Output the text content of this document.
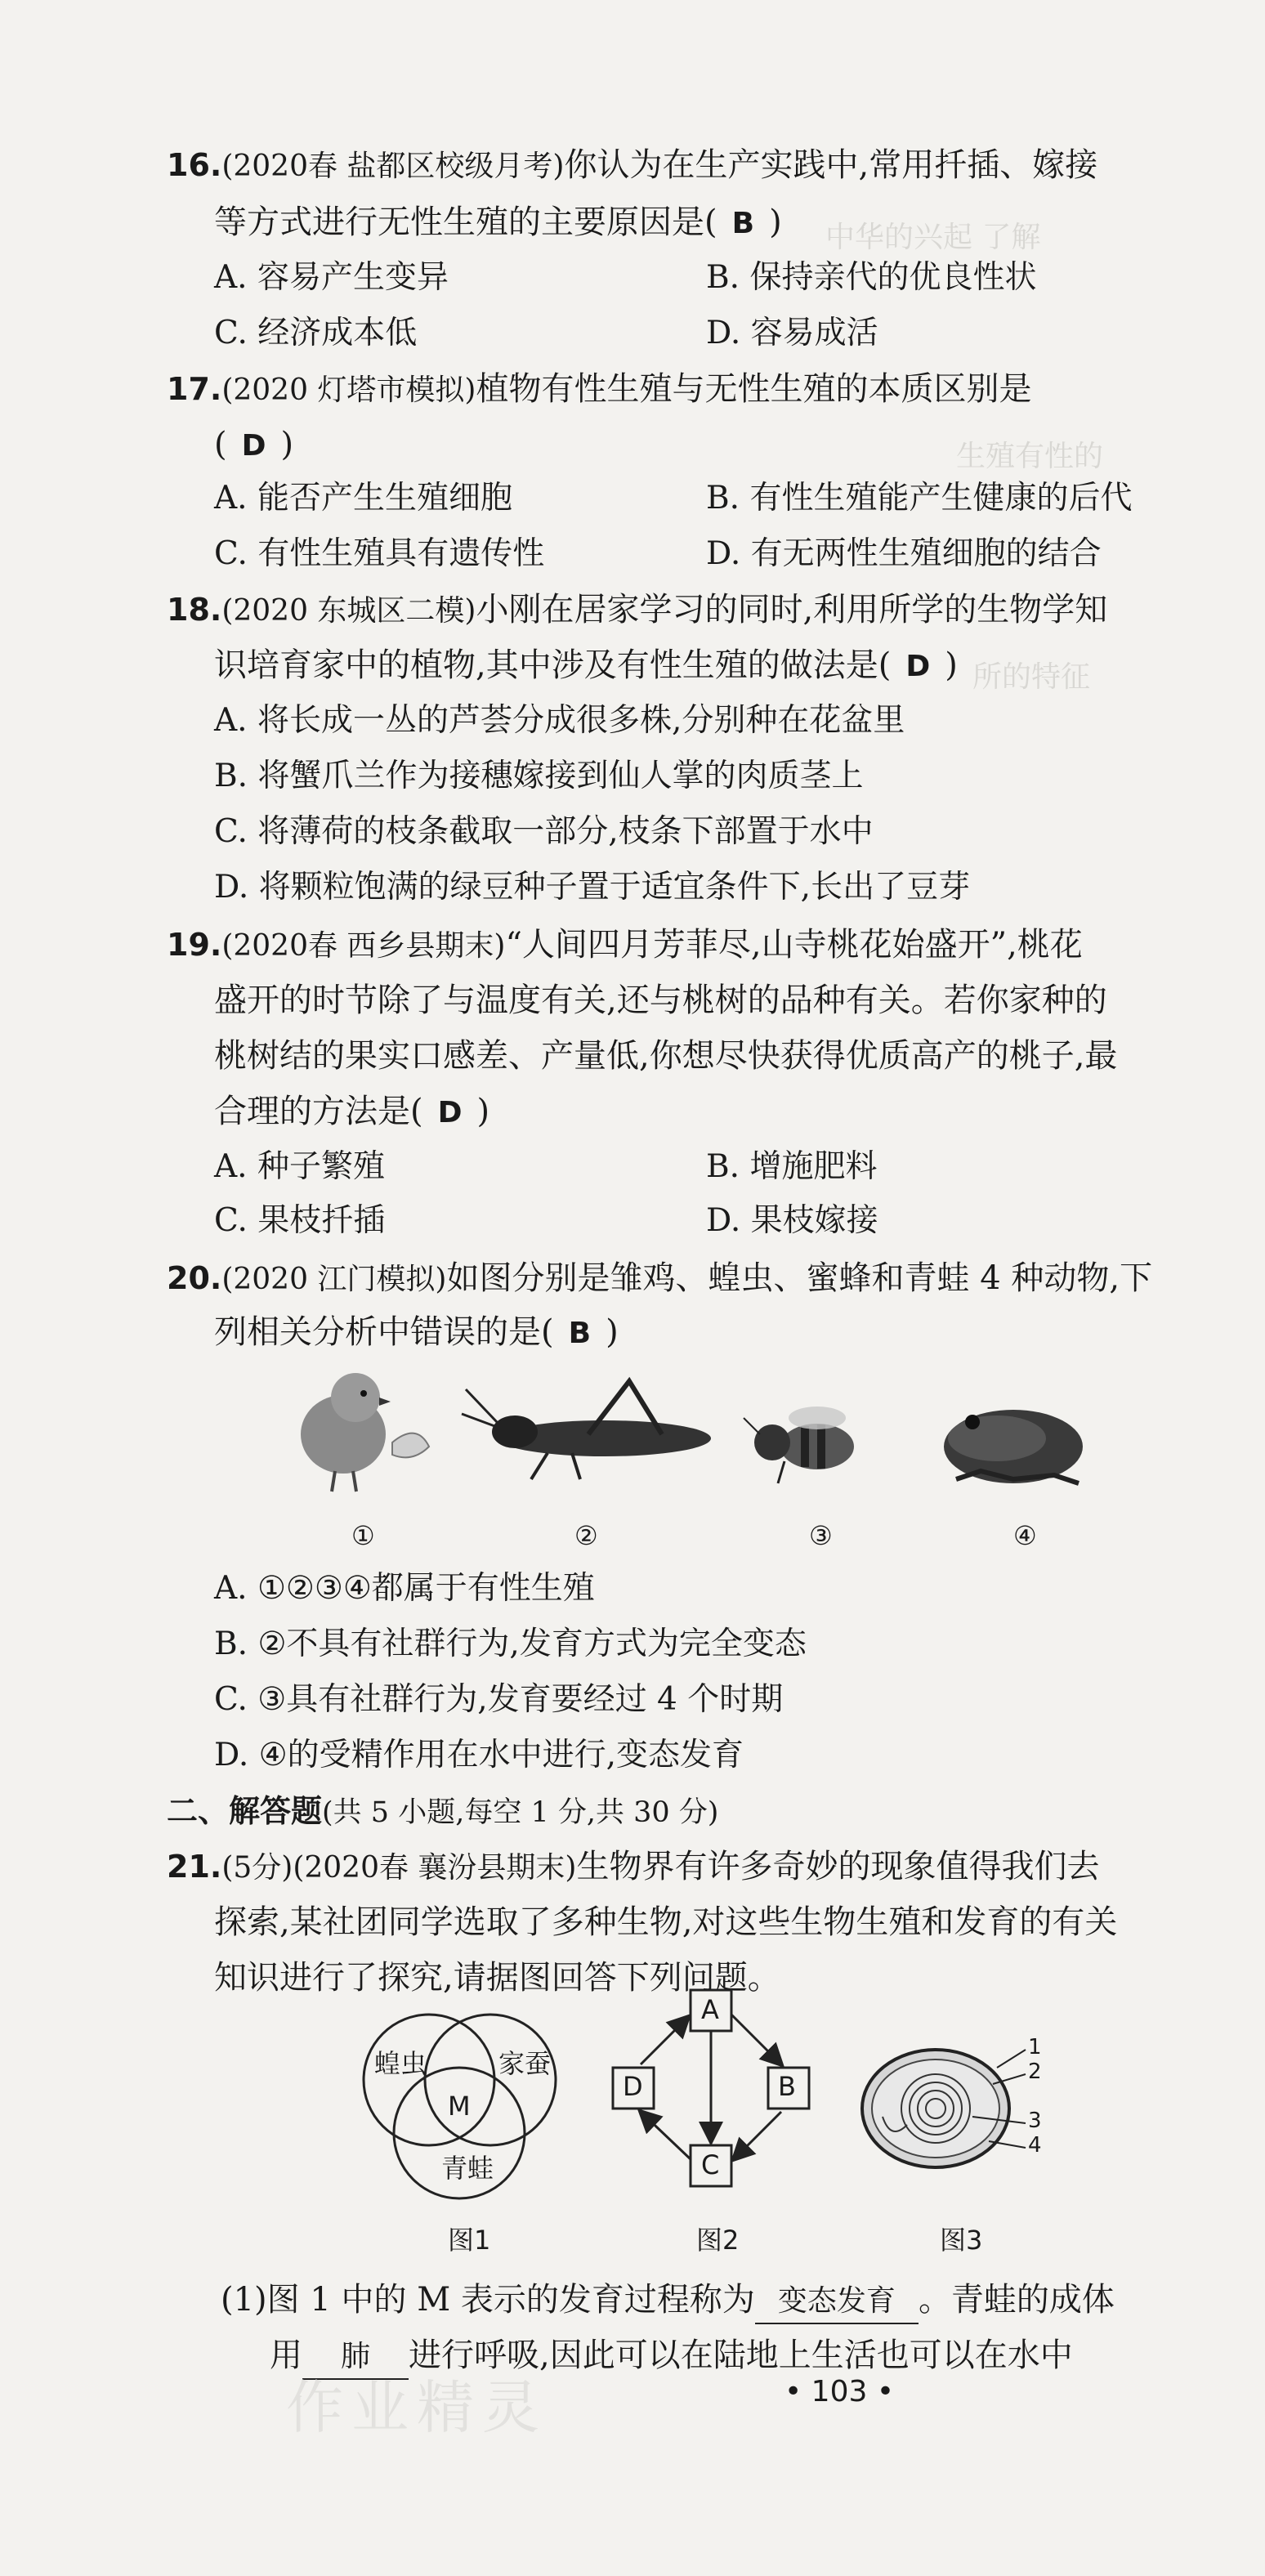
中华的兴起 了解
生殖有性的
所的特征
16.(2020春 盐都区校级月考)你认为在生产实践中,常用扦插、嫁接
等方式进行无性生殖的主要原因是( B )
A. 容易产生变异	B. 保持亲代的优良性状
C. 经济成本低	D. 容易成活
17.(2020 灯塔市模拟)植物有性生殖与无性生殖的本质区别是
( D )
A. 能否产生生殖细胞	B. 有性生殖能产生健康的后代
C. 有性生殖具有遗传性	D. 有无两性生殖细胞的结合
18.(2020 东城区二模)小刚在居家学习的同时,利用所学的生物学知
识培育家中的植物,其中涉及有性生殖的做法是( D )
A. 将长成一丛的芦荟分成很多株,分别种在花盆里
B. 将蟹爪兰作为接穗嫁接到仙人掌的肉质茎上
C. 将薄荷的枝条截取一部分,枝条下部置于水中
D. 将颗粒饱满的绿豆种子置于适宜条件下,长出了豆芽
19.(2020春 西乡县期末)“人间四月芳菲尽,山寺桃花始盛开”,桃花
盛开的时节除了与温度有关,还与桃树的品种有关。若你家种的
桃树结的果实口感差、产量低,你想尽快获得优质高产的桃子,最
合理的方法是( D )
A. 种子繁殖	B. 增施肥料
C. 果枝扦插	D. 果枝嫁接
20.(2020 江门模拟)如图分别是雏鸡、蝗虫、蜜蜂和青蛙 4 种动物,下
列相关分析中错误的是( B )
①	②	③	④
A. ①②③④都属于有性生殖
B. ②不具有社群行为,发育方式为完全变态
C. ③具有社群行为,发育要经过 4 个时期
D. ④的受精作用在水中进行,变态发育
二、解答题(共 5 小题,每空 1 分,共 30 分)
21.(5分)(2020春 襄汾县期末)生物界有许多奇妙的现象值得我们去
探索,某社团同学选取了多种生物,对这些生物生殖和发育的有关
知识进行了探究,请据图回答下列问题。
蝗虫	家蚕
M
青蛙
图1
A
B
C
D
图2
1
2
3
4
图3
(1)图 1 中的 M 表示的发育过程称为 变态发育 。青蛙的成体
用 肺 进行呼吸,因此可以在陆地上生活也可以在水中
作业精灵	• 103 •
